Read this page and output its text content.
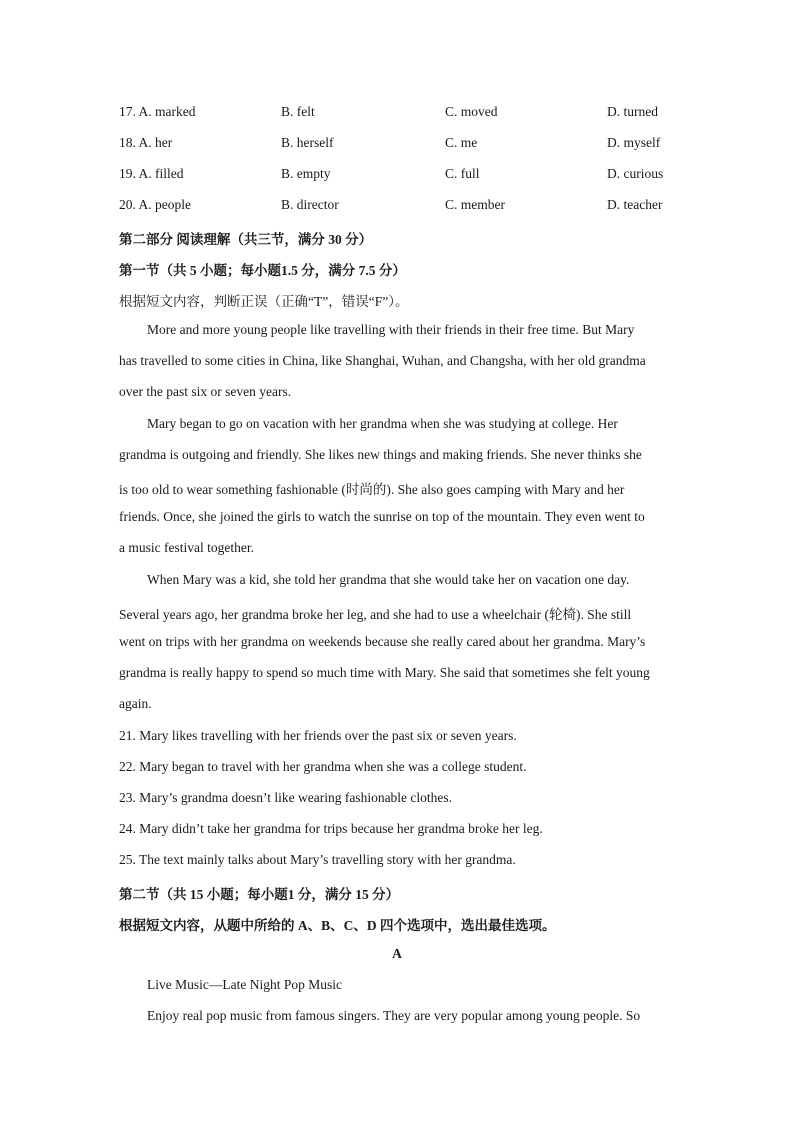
17. A. marked	B. felt	C. moved	D. turned
18. A. her	B. herself	C. me	D. myself
19. A. filled	B. empty	C. full	D. curious
20. A. people	B. director	C. member	D. teacher
第二部分 阅读理解（共三节，满分 30 分）
第一节（共 5 小题；每小题1.5 分，满分 7.5 分）
根据短文内容，判断正误（正确“T”，错误“F”）。
More and more young people like travelling with their friends in their free time. But Mary
has travelled to some cities in China, like Shanghai, Wuhan, and Changsha, with her old grandma
over the past six or seven years.
Mary began to go on vacation with her grandma when she was studying at college. Her
grandma is outgoing and friendly. She likes new things and making friends. She never thinks she
is too old to wear something fashionable (时尚的). She also goes camping with Mary and her
friends. Once, she joined the girls to watch the sunrise on top of the mountain. They even went to
a music festival together.
When Mary was a kid, she told her grandma that she would take her on vacation one day.
Several years ago, her grandma broke her leg, and she had to use a wheelchair (轮椅). She still
went on trips with her grandma on weekends because she really cared about her grandma. Mary’s
grandma is really happy to spend so much time with Mary. She said that sometimes she felt young
again.
21. Mary likes travelling with her friends over the past six or seven years.
22. Mary began to travel with her grandma when she was a college student.
23. Mary’s grandma doesn’t like wearing fashionable clothes.
24. Mary didn’t take her grandma for trips because her grandma broke her leg.
25. The text mainly talks about Mary’s travelling story with her grandma.
第二节（共 15 小题；每小题1 分，满分 15 分）
根据短文内容，从题中所给的 A、B、C、D 四个选项中，选出最佳选项。
A
Live Music—Late Night Pop Music
Enjoy real pop music from famous singers. They are very popular among young people. So
